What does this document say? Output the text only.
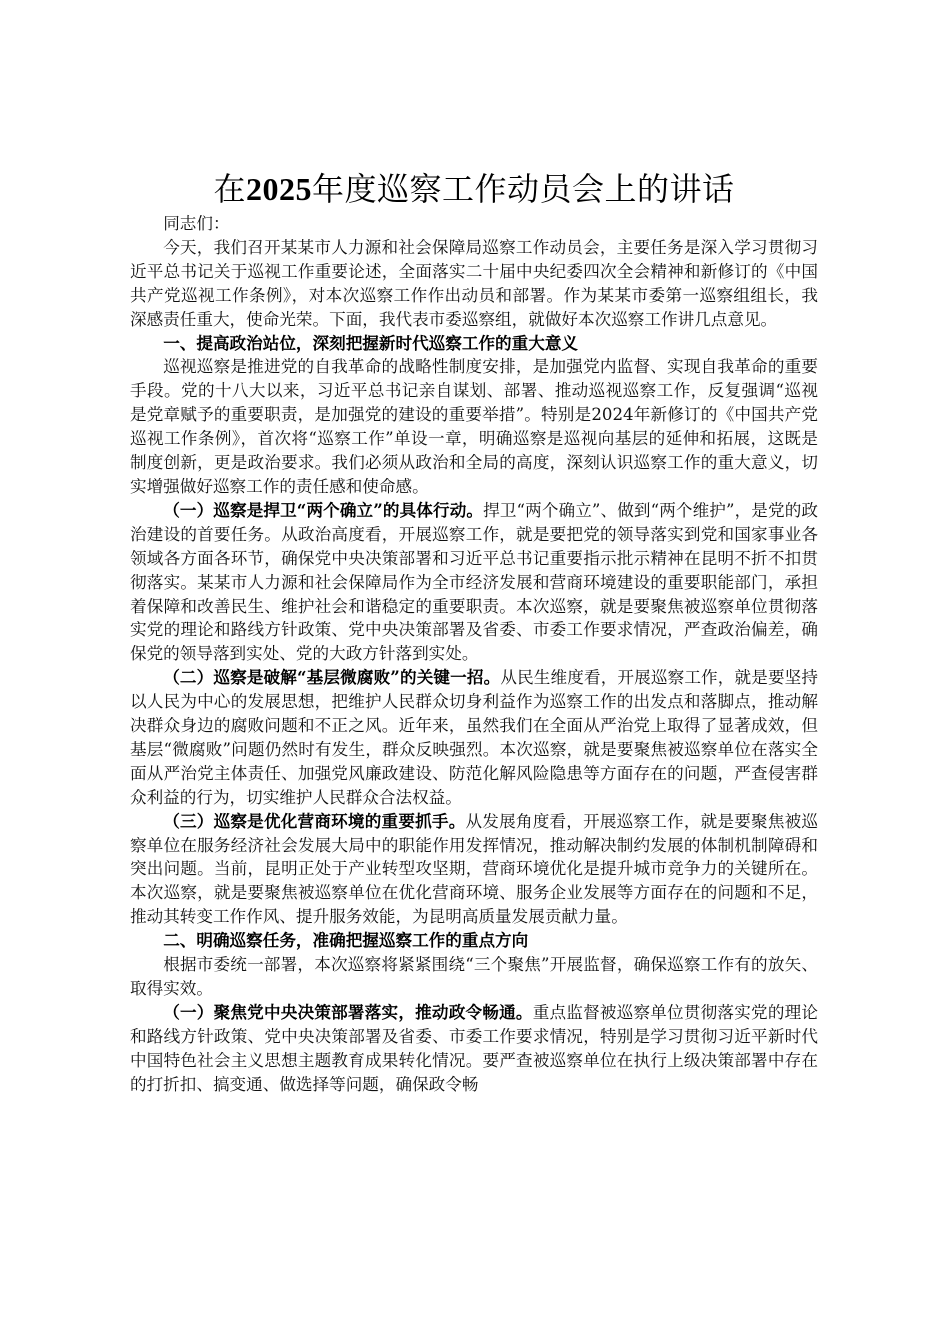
在2025年度巡察工作动员会上的讲话

同志们：

今天，我们召开某某市人力源和社会保障局巡察工作动员会，主要任务是深入学习贯彻习近平总书记关于巡视工作重要论述，全面落实二十届中央纪委四次全会精神和新修订的《中国共产党巡视工作条例》，对本次巡察工作作出动员和部署。作为某某市委第一巡察组组长，我深感责任重大，使命光荣。下面，我代表市委巡察组，就做好本次巡察工作讲几点意见。

一、提高政治站位，深刻把握新时代巡察工作的重大意义

巡视巡察是推进党的自我革命的战略性制度安排，是加强党内监督、实现自我革命的重要手段。党的十八大以来，习近平总书记亲自谋划、部署、推动巡视巡察工作，反复强调“巡视是党章赋予的重要职责，是加强党的建设的重要举措”。特别是2024年新修订的《中国共产党巡视工作条例》，首次将“巡察工作”单设一章，明确巡察是巡视向基层的延伸和拓展，这既是制度创新，更是政治要求。我们必须从政治和全局的高度，深刻认识巡察工作的重大意义，切实增强做好巡察工作的责任感和使命感。

（一）巡察是捍卫“两个确立”的具体行动。捍卫“两个确立”、做到“两个维护”，是党的政治建设的首要任务。从政治高度看，开展巡察工作，就是要把党的领导落实到党和国家事业各领域各方面各环节，确保党中央决策部署和习近平总书记重要指示批示精神在昆明不折不扣贯彻落实。某某市人力源和社会保障局作为全市经济发展和营商环境建设的重要职能部门，承担着保障和改善民生、维护社会和谐稳定的重要职责。本次巡察，就是要聚焦被巡察单位贯彻落实党的理论和路线方针政策、党中央决策部署及省委、市委工作要求情况，严查政治偏差，确保党的领导落到实处、党的大政方针落到实处。

（二）巡察是破解“基层微腐败”的关键一招。从民生维度看，开展巡察工作，就是要坚持以人民为中心的发展思想，把维护人民群众切身利益作为巡察工作的出发点和落脚点，推动解决群众身边的腐败问题和不正之风。近年来，虽然我们在全面从严治党上取得了显著成效，但基层“微腐败”问题仍然时有发生，群众反映强烈。本次巡察，就是要聚焦被巡察单位在落实全面从严治党主体责任、加强党风廉政建设、防范化解风险隐患等方面存在的问题，严查侵害群众利益的行为，切实维护人民群众合法权益。

（三）巡察是优化营商环境的重要抓手。从发展角度看，开展巡察工作，就是要聚焦被巡察单位在服务经济社会发展大局中的职能作用发挥情况，推动解决制约发展的体制机制障碍和突出问题。当前，昆明正处于产业转型攻坚期，营商环境优化是提升城市竞争力的关键所在。本次巡察，就是要聚焦被巡察单位在优化营商环境、服务企业发展等方面存在的问题和不足，推动其转变工作作风、提升服务效能，为昆明高质量发展贡献力量。

二、明确巡察任务，准确把握巡察工作的重点方向

根据市委统一部署，本次巡察将紧紧围绕“三个聚焦”开展监督，确保巡察工作有的放矢、取得实效。

（一）聚焦党中央决策部署落实，推动政令畅通。重点监督被巡察单位贯彻落实党的理论和路线方针政策、党中央决策部署及省委、市委工作要求情况，特别是学习贯彻习近平新时代中国特色社会主义思想主题教育成果转化情况。要严查被巡察单位在执行上级决策部署中存在的打折扣、搞变通、做选择等问题，确保政令畅
